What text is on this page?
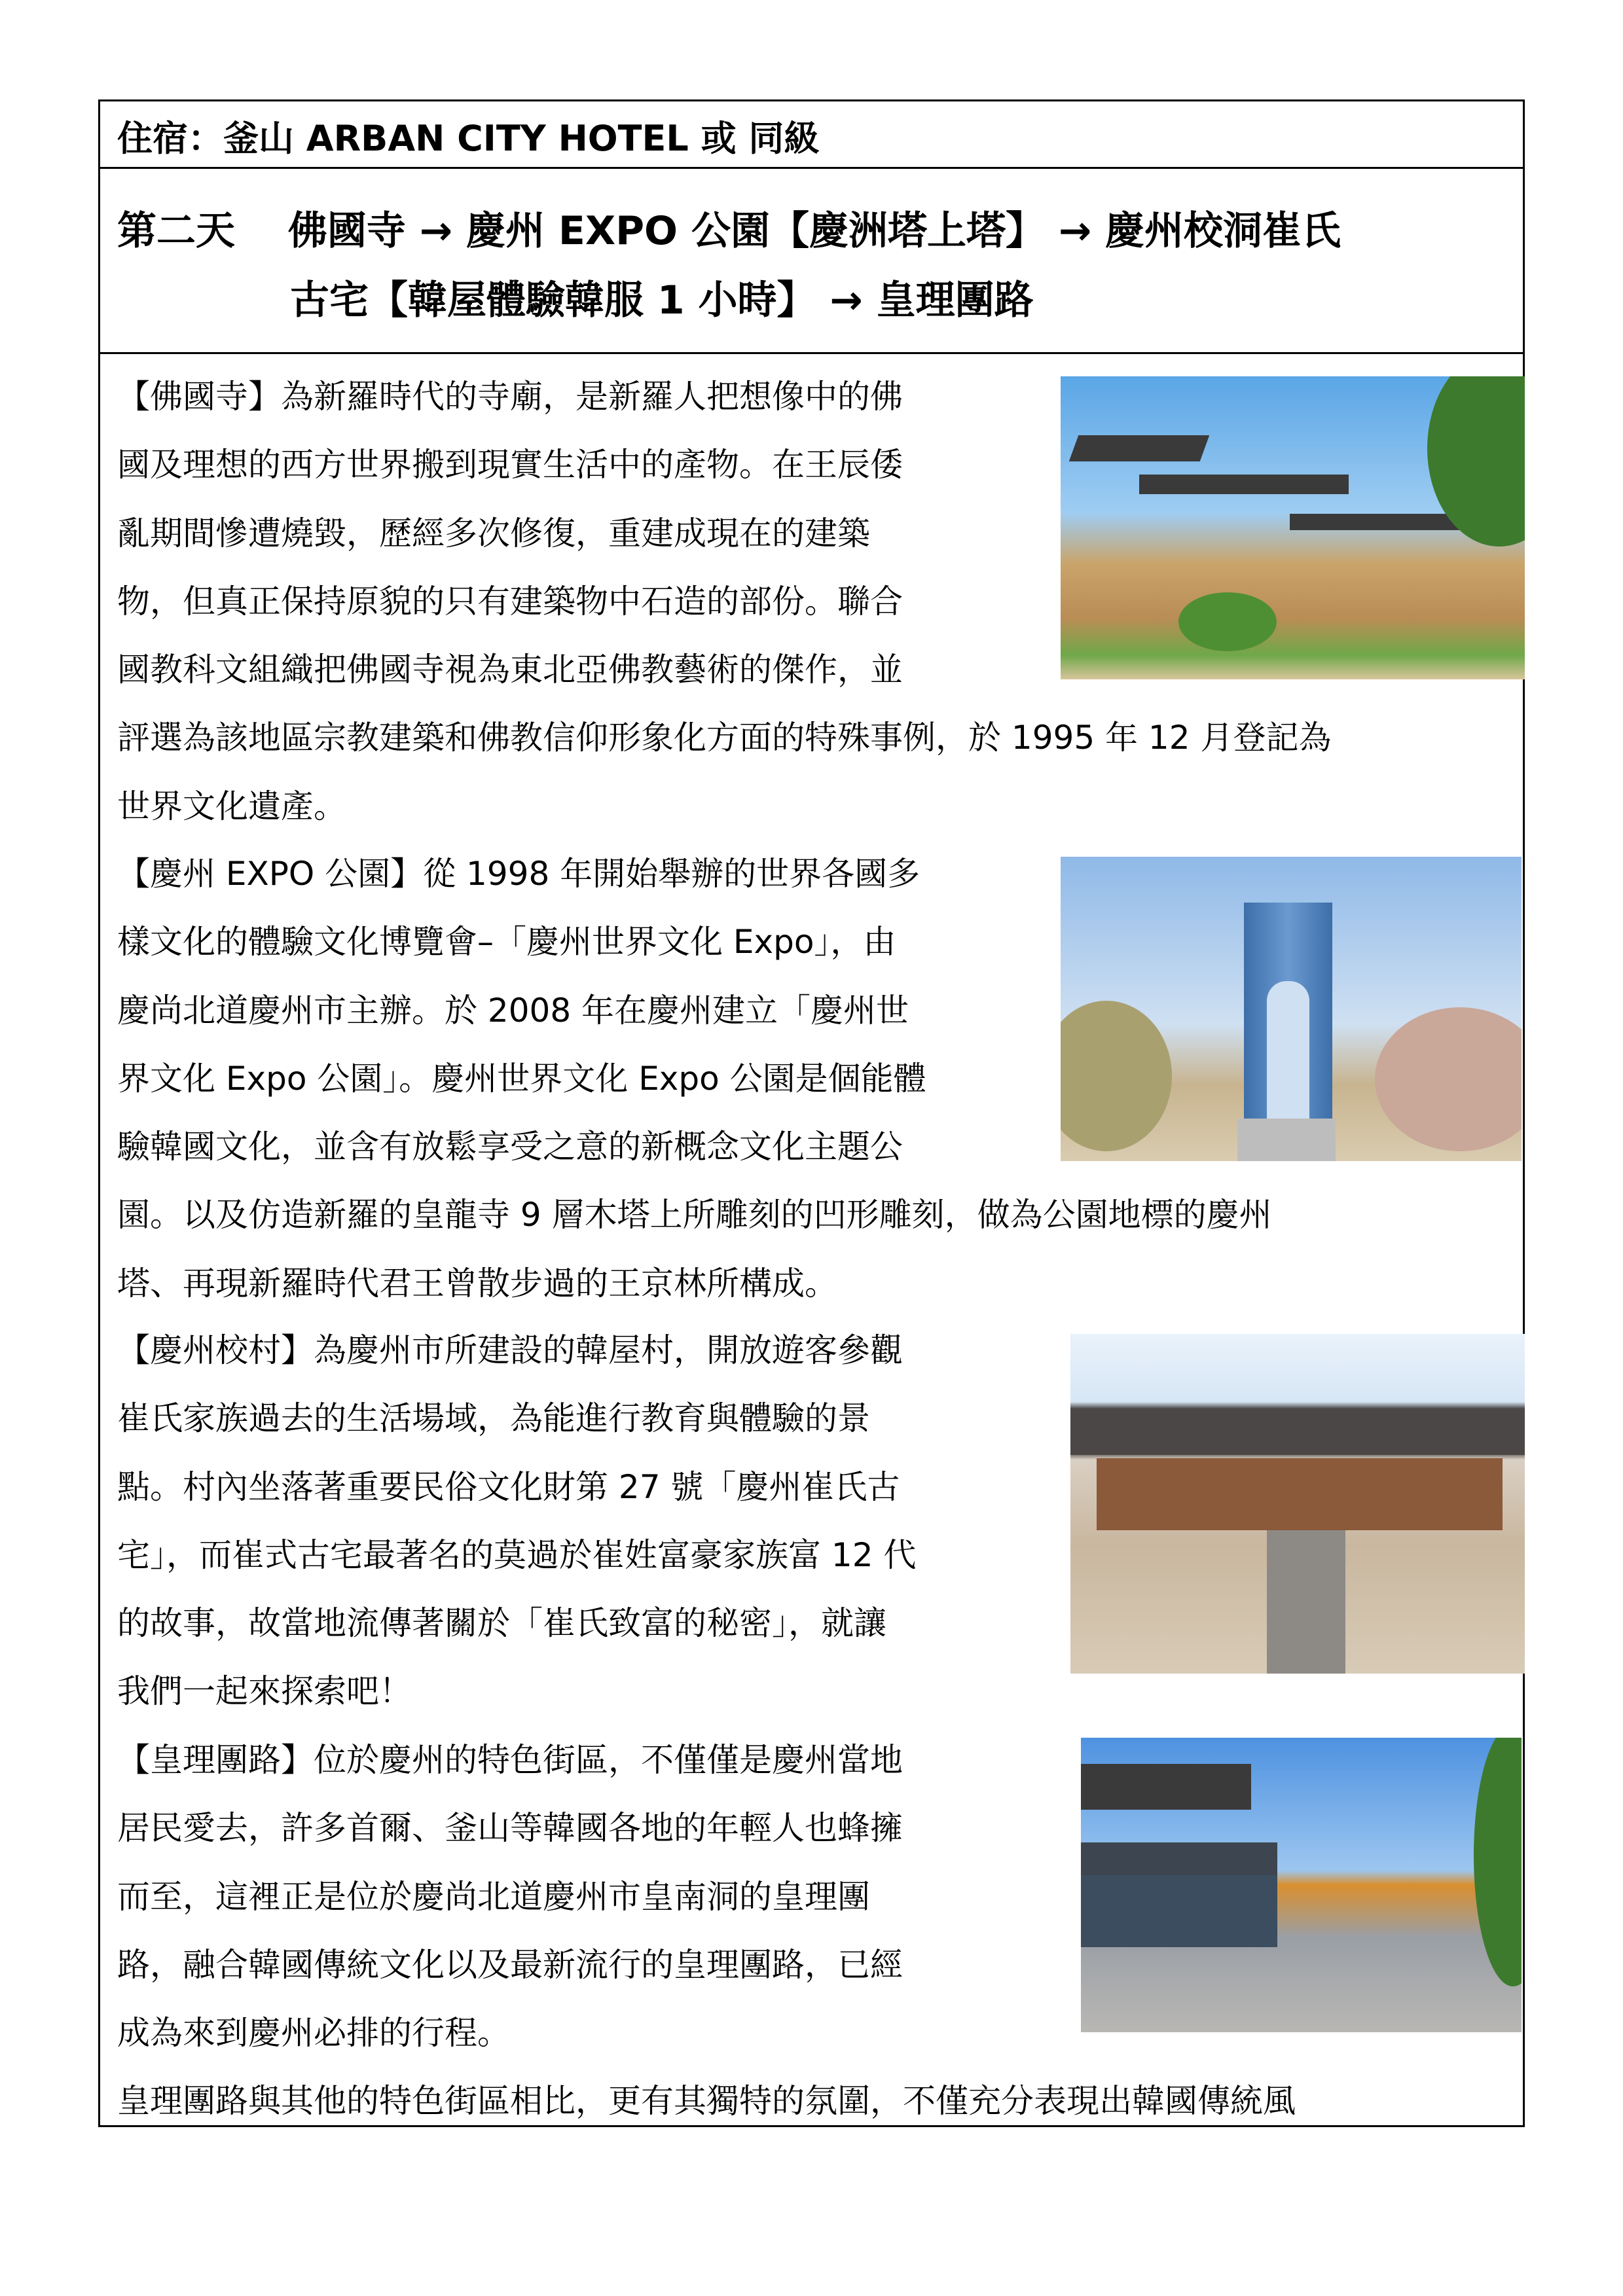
住宿：釜山 ARBAN CITY HOTEL 或 同級
第二天　 佛國寺 → 慶州 EXPO 公園【慶洲塔上塔】 → 慶州校洞崔氏
古宅【韓屋體驗韓服 1 小時】 → 皇理團路
【佛國寺】為新羅時代的寺廟，是新羅人把想像中的佛
國及理想的西方世界搬到現實生活中的產物。在王辰倭
亂期間慘遭燒毀，歷經多次修復，重建成現在的建築
物，但真正保持原貌的只有建築物中石造的部份。聯合
國教科文組織把佛國寺視為東北亞佛教藝術的傑作，並
評選為該地區宗教建築和佛教信仰形象化方面的特殊事例，於 1995 年 12 月登記為
世界文化遺產。
【慶州 EXPO 公園】從 1998 年開始舉辦的世界各國多
樣文化的體驗文化博覽會–「慶州世界文化 Expo」，由
慶尚北道慶州市主辦。於 2008 年在慶州建立「慶州世
界文化 Expo 公園」。慶州世界文化 Expo 公園是個能體
驗韓國文化，並含有放鬆享受之意的新概念文化主題公
園。以及仿造新羅的皇龍寺 9 層木塔上所雕刻的凹形雕刻，做為公園地標的慶州
塔、再現新羅時代君王曾散步過的王京林所構成。
【慶州校村】為慶州市所建設的韓屋村，開放遊客參觀
崔氏家族過去的生活場域，為能進行教育與體驗的景
點。村內坐落著重要民俗文化財第 27 號「慶州崔氏古
宅」，而崔式古宅最著名的莫過於崔姓富豪家族富 12 代
的故事，故當地流傳著關於「崔氏致富的秘密」，就讓
我們一起來探索吧！
【皇理團路】位於慶州的特色街區，不僅僅是慶州當地
居民愛去，許多首爾、釜山等韓國各地的年輕人也蜂擁
而至，這裡正是位於慶尚北道慶州市皇南洞的皇理團
路，融合韓國傳統文化以及最新流行的皇理團路，已經
成為來到慶州必排的行程。
皇理團路與其他的特色街區相比，更有其獨特的氛圍，不僅充分表現出韓國傳統風
